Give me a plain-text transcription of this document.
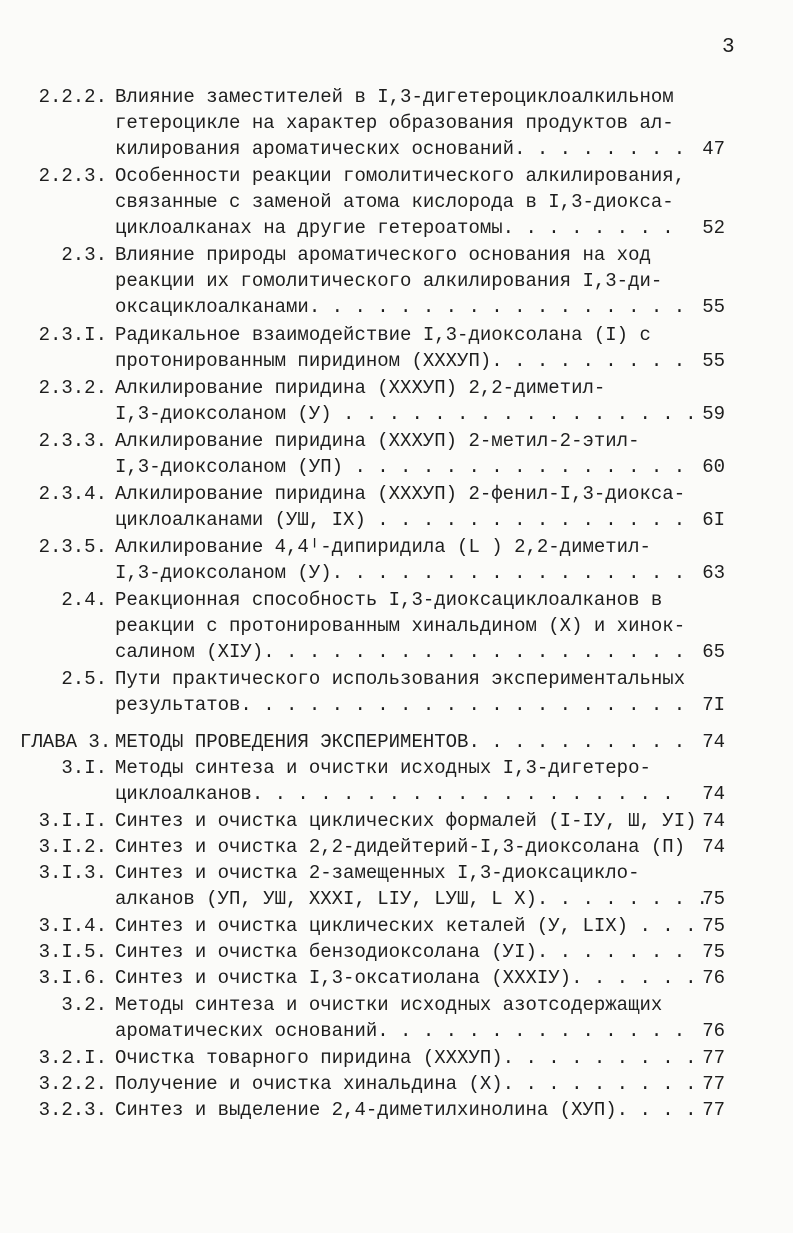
3
2.2.2. Влияние заместителей в I,3-дигетероциклоалкильном
гетероцикле на характер образования продуктов ал-
килирования ароматических оснований. . . . . . . . 47
2.2.3. Особенности реакции гомолитического алкилирования,
связанные с заменой атома кислорода в I,3-диокса-
циклоалканах на другие гетероатомы. . . . . . . . 52
2.3. Влияние природы ароматического основания на ход
реакции их гомолитического алкилирования I,3-ди-
оксациклоалканами. . . . . . . . . . . . . . . . . 55
2.3.I. Радикальное взаимодействие I,3-диоксолана (I) с
протонированным пиридином (ХХХУП). . . . . . . . . 55
2.3.2. Алкилирование пиридина (ХХХУП) 2,2-диметил-
I,3-диоксоланом (У) . . . . . . . . . . . . . . . . 59
2.3.3. Алкилирование пиридина (ХХХУП) 2-метил-2-этил-
I,3-диоксоланом (УП) . . . . . . . . . . . . . . . 60
2.3.4. Алкилирование пиридина (ХХХУП) 2-фенил-I,3-диокса-
циклоалканами (УШ, IX) . . . . . . . . . . . . . . 6I
2.3.5. Алкилирование 4,4ᴵ-дипиридила (L ) 2,2-диметил-
I,3-диоксоланом (У). . . . . . . . . . . . . . . . 63
2.4. Реакционная способность I,3-диоксациклоалканов в
реакции с протонированным хинальдином (Х) и хинок-
салином (ХIУ). . . . . . . . . . . . . . . . . . . 65
2.5. Пути практического использования экспериментальных
результатов. . . . . . . . . . . . . . . . . . . . 7I
ГЛАВА 3. МЕТОДЫ ПРОВЕДЕНИЯ ЭКСПЕРИМЕНТОВ. . . . . . . . . . 74
3.I. Методы синтеза и очистки исходных I,3-дигетеро-
циклоалканов. . . . . . . . . . . . . . . . . . . 74
3.I.I. Синтез и очистка циклических формалей (I-IУ, Ш, УI) 74
3.I.2. Синтез и очистка 2,2-дидейтерий-I,3-диоксолана (П) 74
3.I.3. Синтез и очистка 2-замещенных I,3-диоксацикло-
алканов (УП, УШ, ХХХI, LIУ, LУШ, L X). . . . . . . .
75
3.I.4. Синтез и очистка циклических кеталей (У, LIX) . . . 75
3.I.5. Синтез и очистка бензодиоксолана (УI). . . . . . . 75
3.I.6. Синтез и очистка I,3-оксатиолана (ХХХIУ). . . . . . 76
3.2. Методы синтеза и очистки исходных азотсодержащих
ароматических оснований. . . . . . . . . . . . . . 76
3.2.I. Очистка товарного пиридина (ХХХУП). . . . . . . . . 77
3.2.2. Получение и очистка хинальдина (Х). . . . . . . . . 77
3.2.3. Синтез и выделение 2,4-диметилхинолина (ХУП). . . . 77
